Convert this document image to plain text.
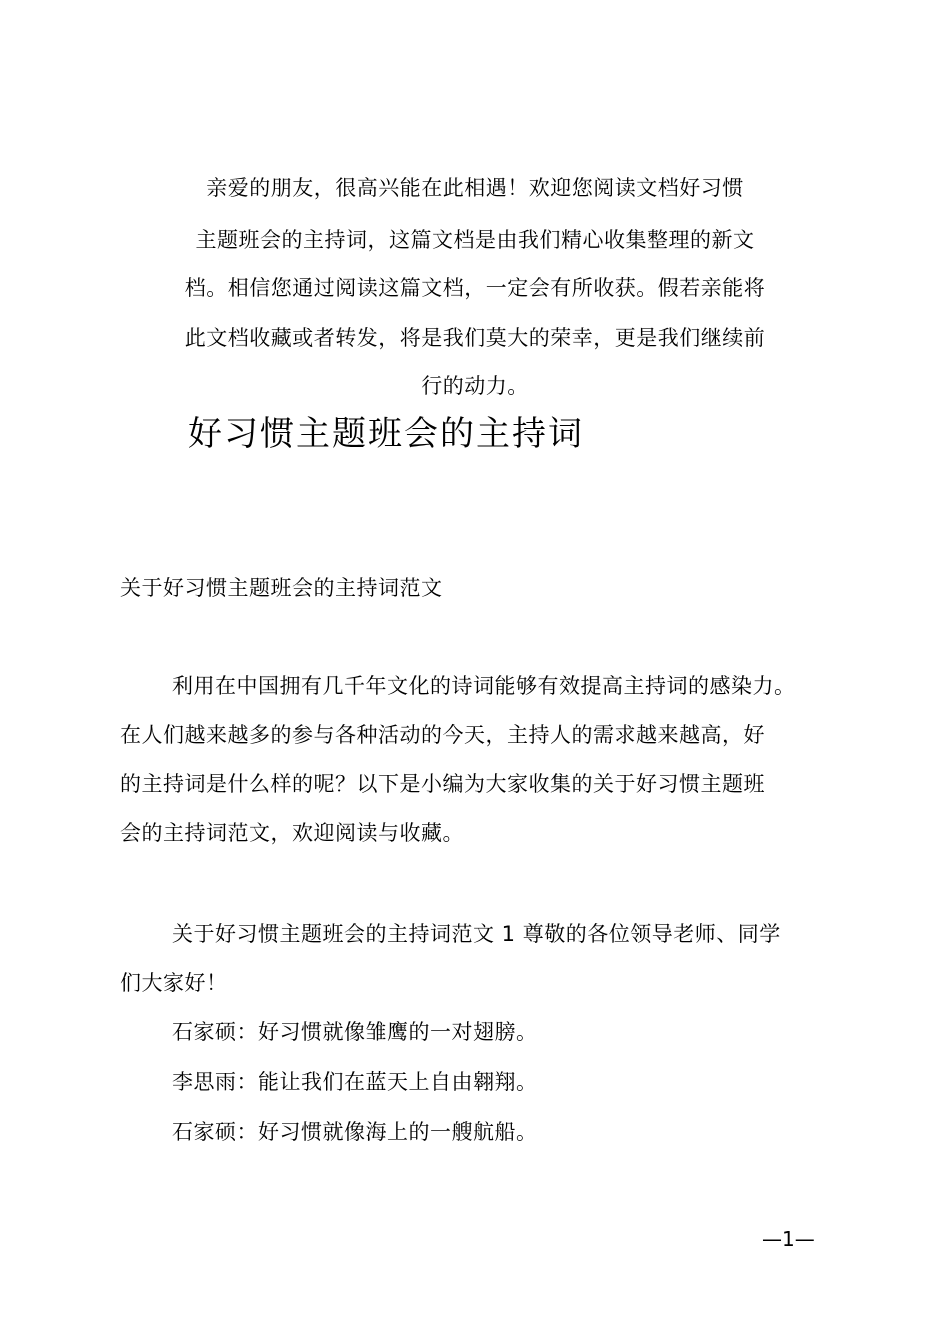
亲爱的朋友，很高兴能在此相遇！欢迎您阅读文档好习惯
主题班会的主持词，这篇文档是由我们精心收集整理的新文
档。相信您通过阅读这篇文档，一定会有所收获。假若亲能将
此文档收藏或者转发，将是我们莫大的荣幸，更是我们继续前
行的动力。
好习惯主题班会的主持词
关于好习惯主题班会的主持词范文
利用在中国拥有几千年文化的诗词能够有效提高主持词的感染力。
在人们越来越多的参与各种活动的今天，主持人的需求越来越高，好
的主持词是什么样的呢？以下是小编为大家收集的关于好习惯主题班
会的主持词范文，欢迎阅读与收藏。
关于好习惯主题班会的主持词范文 1 尊敬的各位领导老师、同学
们大家好！
石家硕：好习惯就像雏鹰的一对翅膀。
李思雨：能让我们在蓝天上自由翱翔。
石家硕：好习惯就像海上的一艘航船。
—1—
